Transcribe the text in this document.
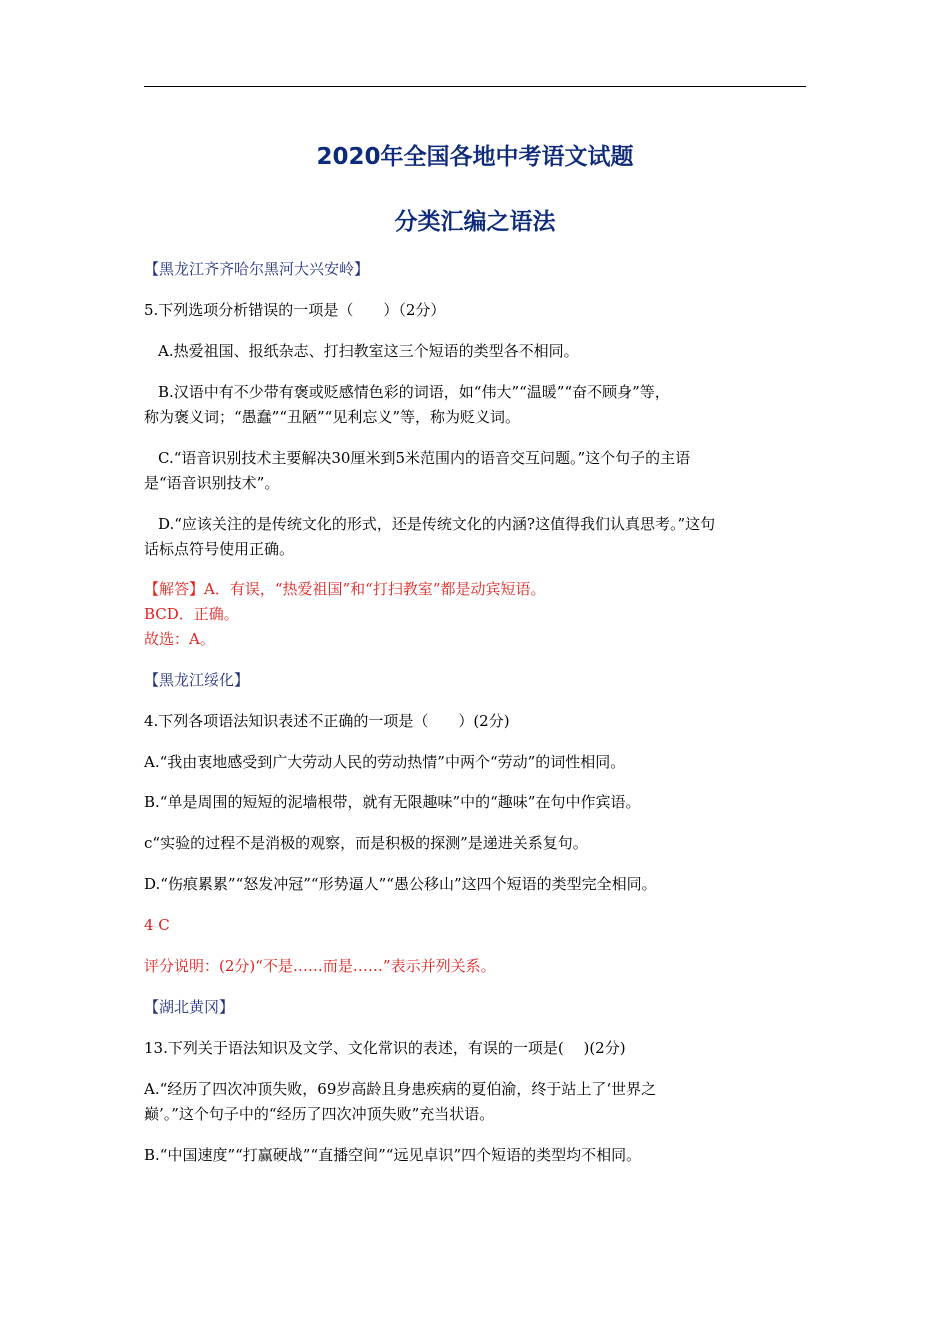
2020年全国各地中考语文试题
分类汇编之语法
【黑龙江齐齐哈尔黑河大兴安岭】
5.下列选项分析错误的一项是（　　）（2分）
A.热爱祖国、报纸杂志、打扫教室这三个短语的类型各不相同。
B.汉语中有不少带有褒或贬感情色彩的词语，如“伟大”“温暖”“奋不顾身”等，
称为褒义词；“愚蠢”“丑陋”“见利忘义”等，称为贬义词。
C.“语音识别技术主要解决30厘米到5米范围内的语音交互问题。”这个句子的主语
是“语音识别技术”。
D.“应该关注的是传统文化的形式，还是传统文化的内涵?这值得我们认真思考。”这句
话标点符号使用正确。
【解答】A．有误，“热爱祖国”和“打扫教室”都是动宾短语。
BCD．正确。
故选：A。
【黑龙江绥化】
4.下列各项语法知识表述不正确的一项是（　　）(2分)
A.“我由衷地感受到广大劳动人民的劳动热情”中两个“劳动”的词性相同。
B.“单是周围的短短的泥墙根带，就有无限趣味”中的“趣味”在句中作宾语。
c“实验的过程不是消极的观察，而是积极的探测”是递进关系复句。
D.“伤痕累累”“怒发冲冠”“形势逼人”“愚公移山”这四个短语的类型完全相同。
4 C
评分说明：(2分)“不是……而是……”表示并列关系。
【湖北黄冈】
13.下列关于语法知识及文学、文化常识的表述，有误的一项是(　 )(2分)
A.“经历了四次冲顶失败，69岁高龄且身患疾病的夏伯渝，终于站上了‘世界之
巅’。”这个句子中的“经历了四次冲顶失败”充当状语。
B.“中国速度”“打赢硬战”“直播空间”“远见卓识”四个短语的类型均不相同。
